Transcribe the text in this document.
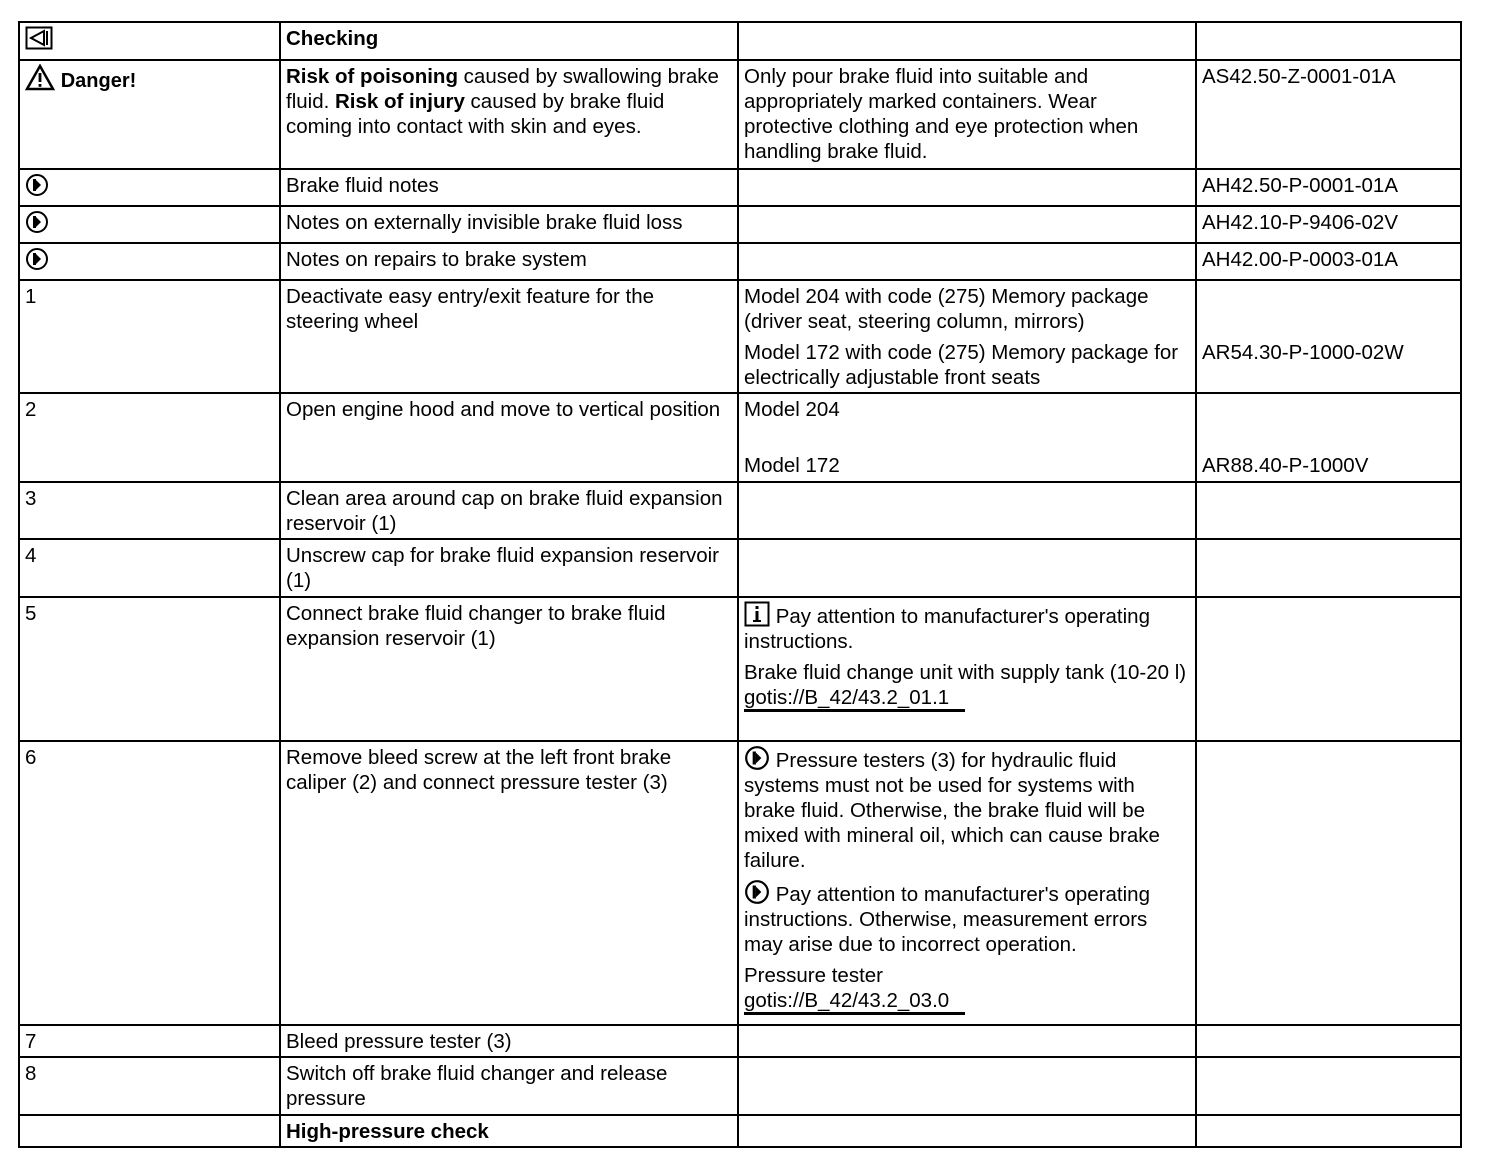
	Checking		
Danger!	Risk of poisoning caused by swallowing brake fluid. Risk of injury caused by brake fluid coming into contact with skin and eyes.	Only pour brake fluid into suitable and appropriately marked containers. Wear protective clothing and eye protection when handling brake fluid.	AS42.50-Z-0001-01A
	Brake fluid notes		AH42.50-P-0001-01A
	Notes on externally invisible brake fluid loss		AH42.10-P-9406-02V
	Notes on repairs to brake system		AH42.00-P-0003-01A
1	Deactivate easy entry/exit feature for the steering wheel	Model 204 with code (275) Memory package (driver seat, steering column, mirrors)
Model 172 with code (275) Memory package for electrically adjustable front seats	AR54.30-P-1000-02W
2	Open engine hood and move to vertical position	Model 204
Model 172	AR88.40-P-1000V
3	Clean area around cap on brake fluid expansion reservoir (1)		
4	Unscrew cap for brake fluid expansion reservoir (1)		
5	Connect brake fluid changer to brake fluid expansion reservoir (1)	Pay attention to manufacturer's operating instructions.
Brake fluid change unit with supply tank (10-20 l)
gotis://B_42/43.2_01.1	
6	Remove bleed screw at the left front brake caliper (2) and connect pressure tester (3)	Pressure testers (3) for hydraulic fluid systems must not be used for systems with brake fluid. Otherwise, the brake fluid will be mixed with mineral oil, which can cause brake failure.
Pay attention to manufacturer's operating instructions. Otherwise, measurement errors may arise due to incorrect operation.
Pressure tester
gotis://B_42/43.2_03.0	
7	Bleed pressure tester (3)		
8	Switch off brake fluid changer and release pressure		
	High-pressure check		
